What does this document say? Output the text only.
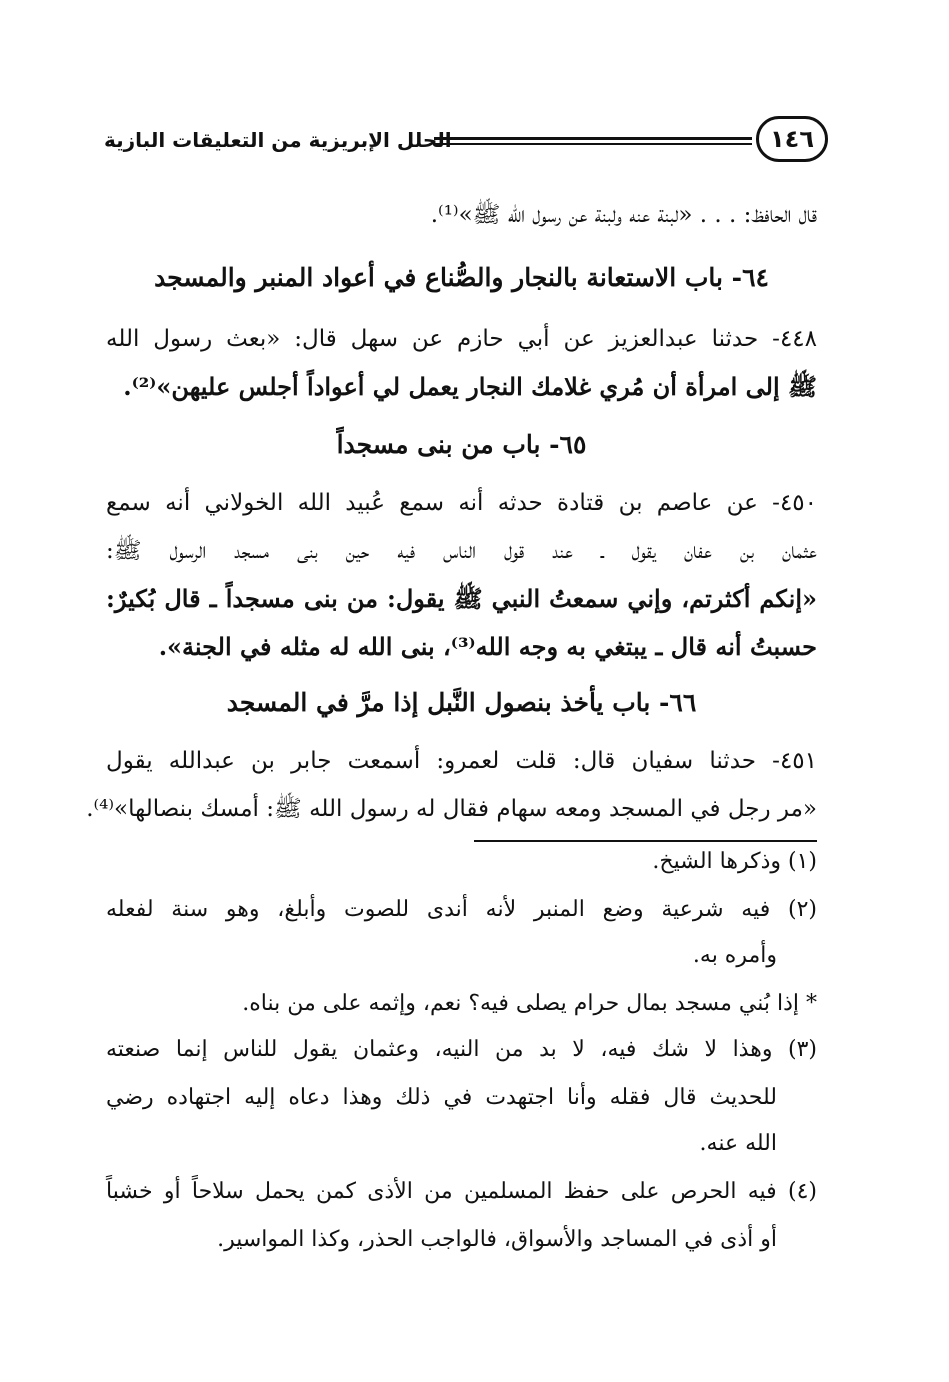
الحلل الإبريزية من التعليقات البازية	١٤٦
قال الحافظ: . . . «لبنة عنه ولبنة عن رسول الله ﷺ»⁽¹⁾.
٦٤- باب الاستعانة بالنجار والصُّناع في أعواد المنبر والمسجد
٤٤٨- حدثنا عبدالعزيز عن أبي حازم عن سهل قال: «بعث رسول الله
ﷺ إلى امرأة أن مُري غلامك النجار يعمل لي أعواداً أجلس عليهن»⁽²⁾.
٦٥- باب من بنى مسجداً
٤٥٠- عن عاصم بن قتادة حدثه أنه سمع عُبيد الله الخولاني أنه سمع
عثمان بن عفان يقول ـ عند قول الناس فيه حين بنى مسجد الرسول ﷺ:
«إنكم أكثرتم، وإني سمعتُ النبي ﷺ يقول: من بنى مسجداً ـ قال بُكيرٌ:
حسبتُ أنه قال ـ يبتغي به وجه الله⁽³⁾، بنى الله له مثله في الجنة».
٦٦- باب يأخذ بنصول النَّبل إذا مرَّ في المسجد
٤٥١- حدثنا سفيان قال: قلت لعمرو: أسمعت جابر بن عبدالله يقول
«مر رجل في المسجد ومعه سهام فقال له رسول الله ﷺ: أمسك بنصالها»⁽⁴⁾.
(١) وذكرها الشيخ.
(٢) فيه شرعية وضع المنبر لأنه أندى للصوت وأبلغ، وهو سنة لفعله
وأمره به.
* إذا بُني مسجد بمال حرام يصلى فيه؟ نعم، وإثمه على من بناه.
(٣) وهذا لا شك فيه، لا بد من النيه، وعثمان يقول للناس إنما صنعته
للحديث قال فقله وأنا اجتهدت في ذلك وهذا دعاه إليه اجتهاده رضي
الله عنه.
(٤) فيه الحرص على حفظ المسلمين من الأذى كمن يحمل سلاحاً أو خشباً
أو أذى في المساجد والأسواق، فالواجب الحذر، وكذا المواسير.
